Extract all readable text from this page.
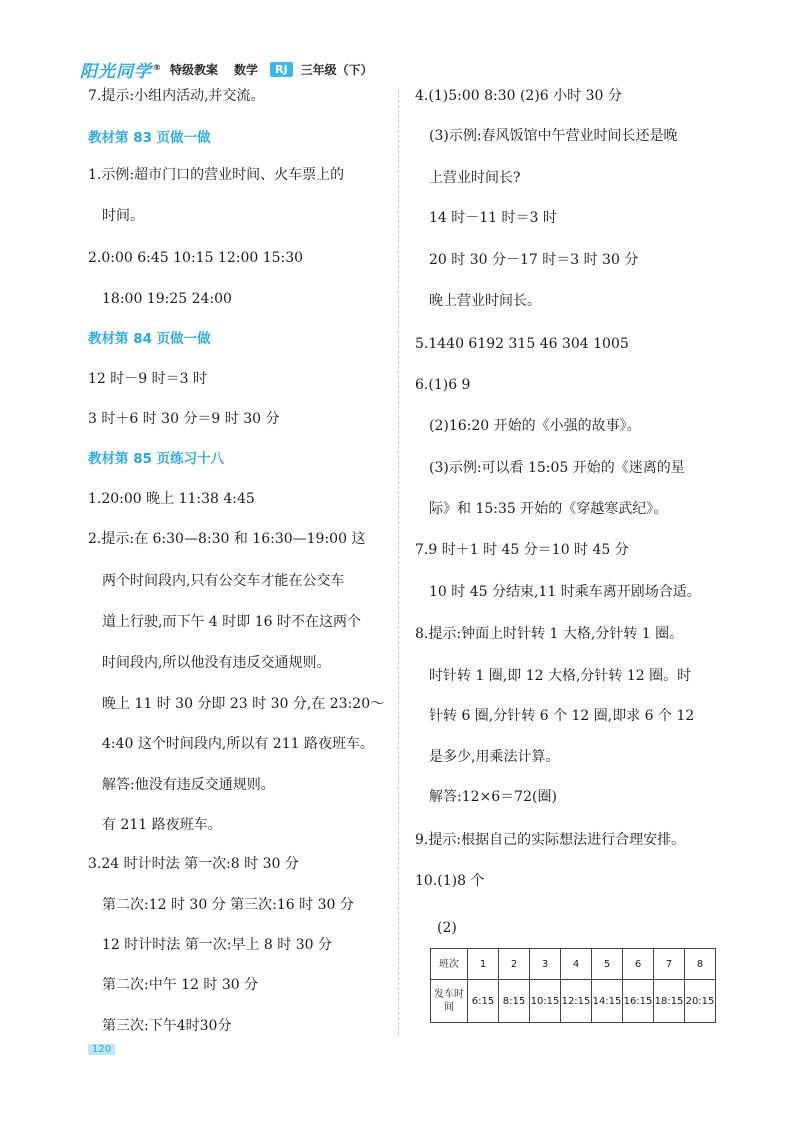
阳光同学® 特级教案 数学	RJ	三年级（下）
7.提示:小组内活动,并交流。
教材第 83 页做一做
1.示例:超市门口的营业时间、火车票上的
时间。
2.0:00 6:45 10:15 12:00 15:30
18:00 19:25 24:00
教材第 84 页做一做
12 时－9 时＝3 时
3 时＋6 时 30 分＝9 时 30 分
教材第 85 页练习十八
1.20:00 晚上 11:38 4:45
2.提示:在 6:30—8:30 和 16:30—19:00 这
两个时间段内,只有公交车才能在公交车
道上行驶,而下午 4 时即 16 时不在这两个
时间段内,所以他没有违反交通规则。
晚上 11 时 30 分即 23 时 30 分,在 23:20～
4:40 这个时间段内,所以有 211 路夜班车。
解答:他没有违反交通规则。
有 211 路夜班车。
3.24 时计时法 第一次:8 时 30 分
第二次:12 时 30 分 第三次:16 时 30 分
12 时计时法 第一次:早上 8 时 30 分
第二次:中午 12 时 30 分
第三次:下午4时30分
4.(1)5:00 8:30 (2)6 小时 30 分
(3)示例:春风饭馆中午营业时间长还是晚
上营业时间长?
14 时－11 时＝3 时
20 时 30 分－17 时＝3 时 30 分
晚上营业时间长。
5.1440 6192 315 46 304 1005
6.(1)6 9
(2)16:20 开始的《小强的故事》。
(3)示例:可以看 15:05 开始的《迷离的星
际》和 15:35 开始的《穿越寒武纪》。
7.9 时＋1 时 45 分＝10 时 45 分
10 时 45 分结束,11 时乘车离开剧场合适。
8.提示:钟面上时针转 1 大格,分针转 1 圈。
时针转 1 圈,即 12 大格,分针转 12 圈。时
针转 6 圈,分针转 6 个 12 圈,即求 6 个 12
是多少,用乘法计算。
解答:12×6＝72(圈)
9.提示:根据自己的实际想法进行合理安排。
10.(1)8 个
(2)
班次	1	2	3	4	5	6	7	8
发车时间	6:15	8:15	10:15	12:15	14:15	16:15	18:15	20:15
120
